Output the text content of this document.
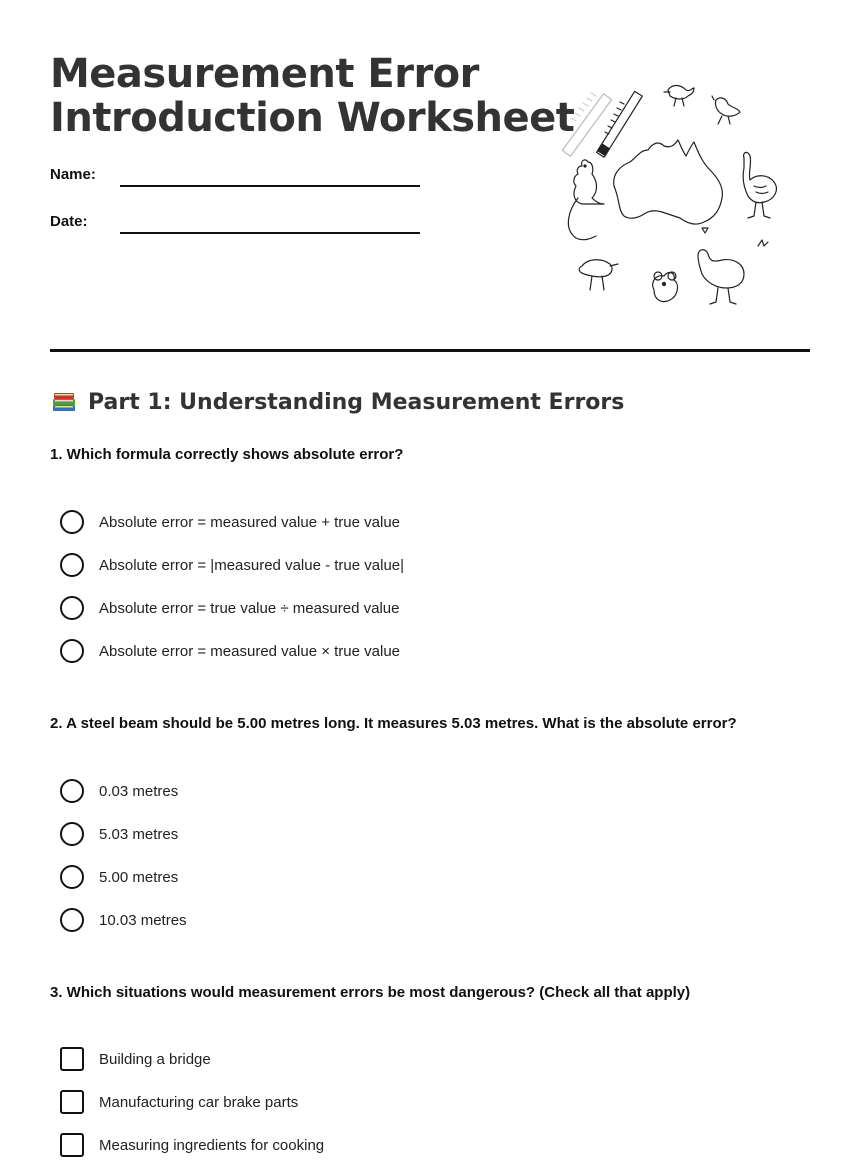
Measurement Error
Introduction Worksheet
Name:
Date:
Part 1: Understanding Measurement Errors

1. Which formula correctly shows absolute error?

Absolute error = measured value + true value
Absolute error = |measured value - true value|
Absolute error = true value ÷ measured value
Absolute error = measured value × true value

2. A steel beam should be 5.00 metres long. It measures 5.03 metres. What is the absolute error?

0.03 metres
5.03 metres
5.00 metres
10.03 metres

3. Which situations would measurement errors be most dangerous? (Check all that apply)

Building a bridge
Manufacturing car brake parts
Measuring ingredients for cooking
